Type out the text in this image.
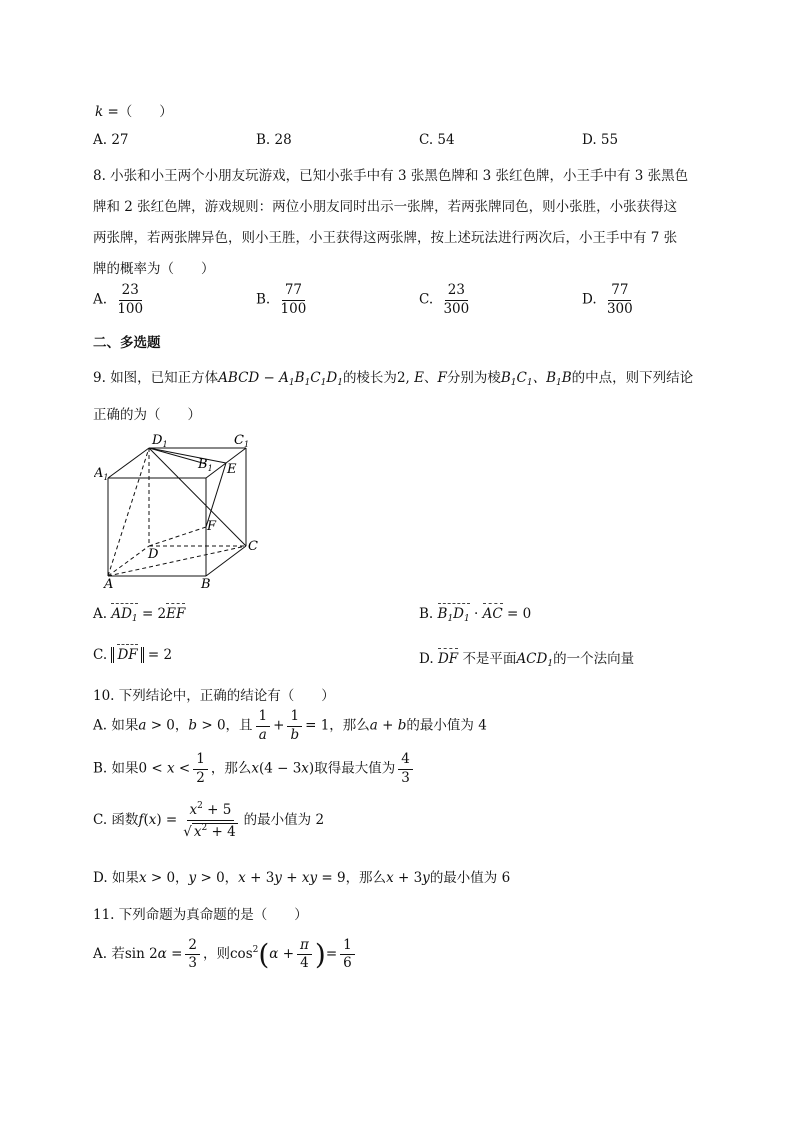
k =（　　）
A. 27	B. 28	C. 54	D. 55
8. 小张和小王两个小朋友玩游戏，已知小张手中有 3 张黑色牌和 3 张红色牌，小王手中有 3 张黑色
牌和 2 张红色牌，游戏规则：两位小朋友同时出示一张牌，若两张牌同色，则小张胜，小张获得这
两张牌，若两张牌异色，则小王胜，小王获得这两张牌，按上述玩法进行两次后，小王手中有 7 张
牌的概率为（　　）
A. $\frac{23}{100}$	B. $\frac{77}{100}$	C. $\frac{23}{300}$	D. $\frac{77}{300}$
二、多选题
9. 如图，已知正方体ABCD − $A_1B_1C_1D_1$的棱长为2, E、F分别为棱$B_1C_1$、$B_1B$的中点，则下列结论
正确的为（　　）
$D_1$	$C_1$
$A_1$
$B_1$ E
F
D
C
A	B
A. $AD_1 = 2EF$	B. $B_1D_1$ · AC = 0
C. DF = 2	D. DF 不是平面$ACD_1$的一个法向量
10. 下列结论中，正确的结论有（　　）
A. 如果a > 0，b > 0，且 $\frac{1}{a} + \frac{1}{b} = 1$，那么a + b的最小值为 4
B. 如果$0 < x < \frac{1}{2}$ ，那么x(4 − 3x)取得最大值为 $\frac{4}{3}$
C. 函数$f(x) = \frac{x^2 + 5}{√ x^2 + 4}$ 的最小值为 2
D. 如果x > 0，y > 0，x + 3y + xy = 9，那么x + 3y的最小值为 6
11. 下列命题为真命题的是（　　）
A. 若$\sin 2\alpha = \frac{2}{3}$ ，则$\cos^2(\alpha + \frac{\pi}{4}$ )= $\frac{1}{6}$
